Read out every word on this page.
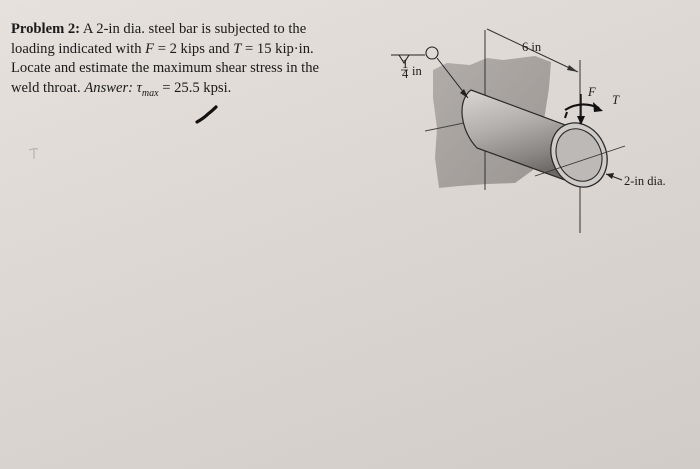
Problem 2: A 2-in dia. steel bar is subjected to the
loading indicated with F = 2 kips and T = 15 kip·in.
Locate and estimate the maximum shear stress in the
weld throat. Answer: $\tau_{max} = 25.5$ kpsi.
6 in
1
4 in
F
T
2-in dia.
